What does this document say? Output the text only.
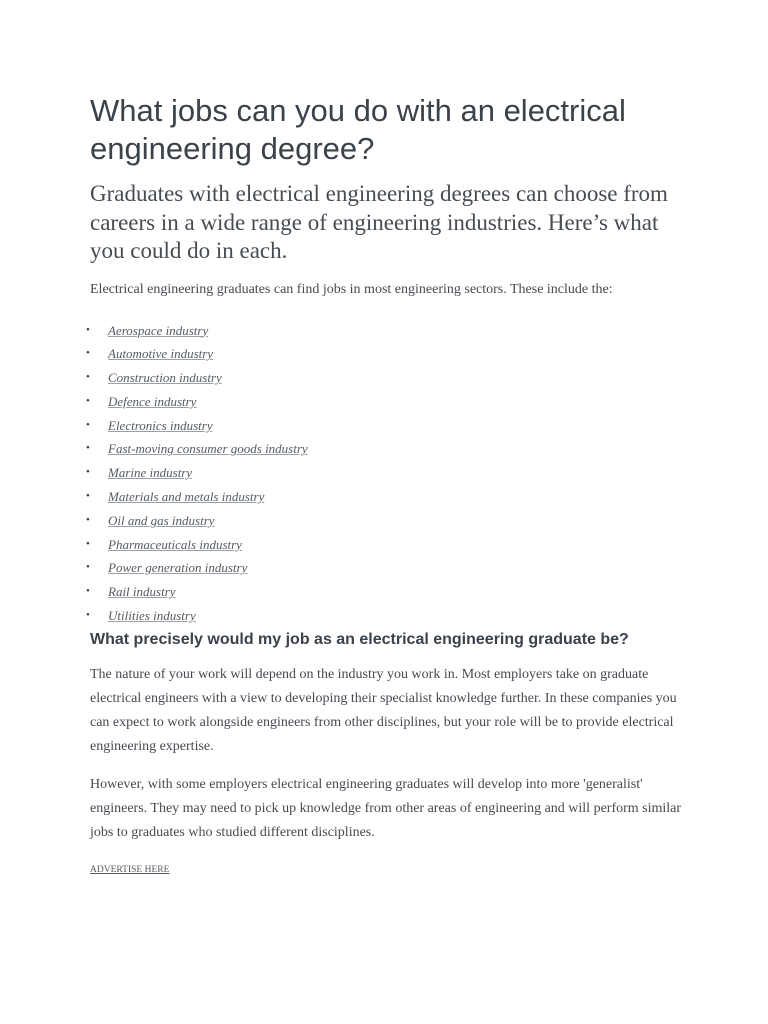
What jobs can you do with an electrical engineering degree?

Graduates with electrical engineering degrees can choose from careers in a wide range of engineering industries. Here’s what you could do in each.

Electrical engineering graduates can find jobs in most engineering sectors. These include the:

• Aerospace industry
• Automotive industry
• Construction industry
• Defence industry
• Electronics industry
• Fast-moving consumer goods industry
• Marine industry
• Materials and metals industry
• Oil and gas industry
• Pharmaceuticals industry
• Power generation industry
• Rail industry
• Utilities industry
What precisely would my job as an electrical engineering graduate be?

The nature of your work will depend on the industry you work in. Most employers take on graduate electrical engineers with a view to developing their specialist knowledge further. In these companies you can expect to work alongside engineers from other disciplines, but your role will be to provide electrical engineering expertise.

However, with some employers electrical engineering graduates will develop into more 'generalist' engineers. They may need to pick up knowledge from other areas of engineering and will perform similar jobs to graduates who studied different disciplines.

ADVERTISE HERE
